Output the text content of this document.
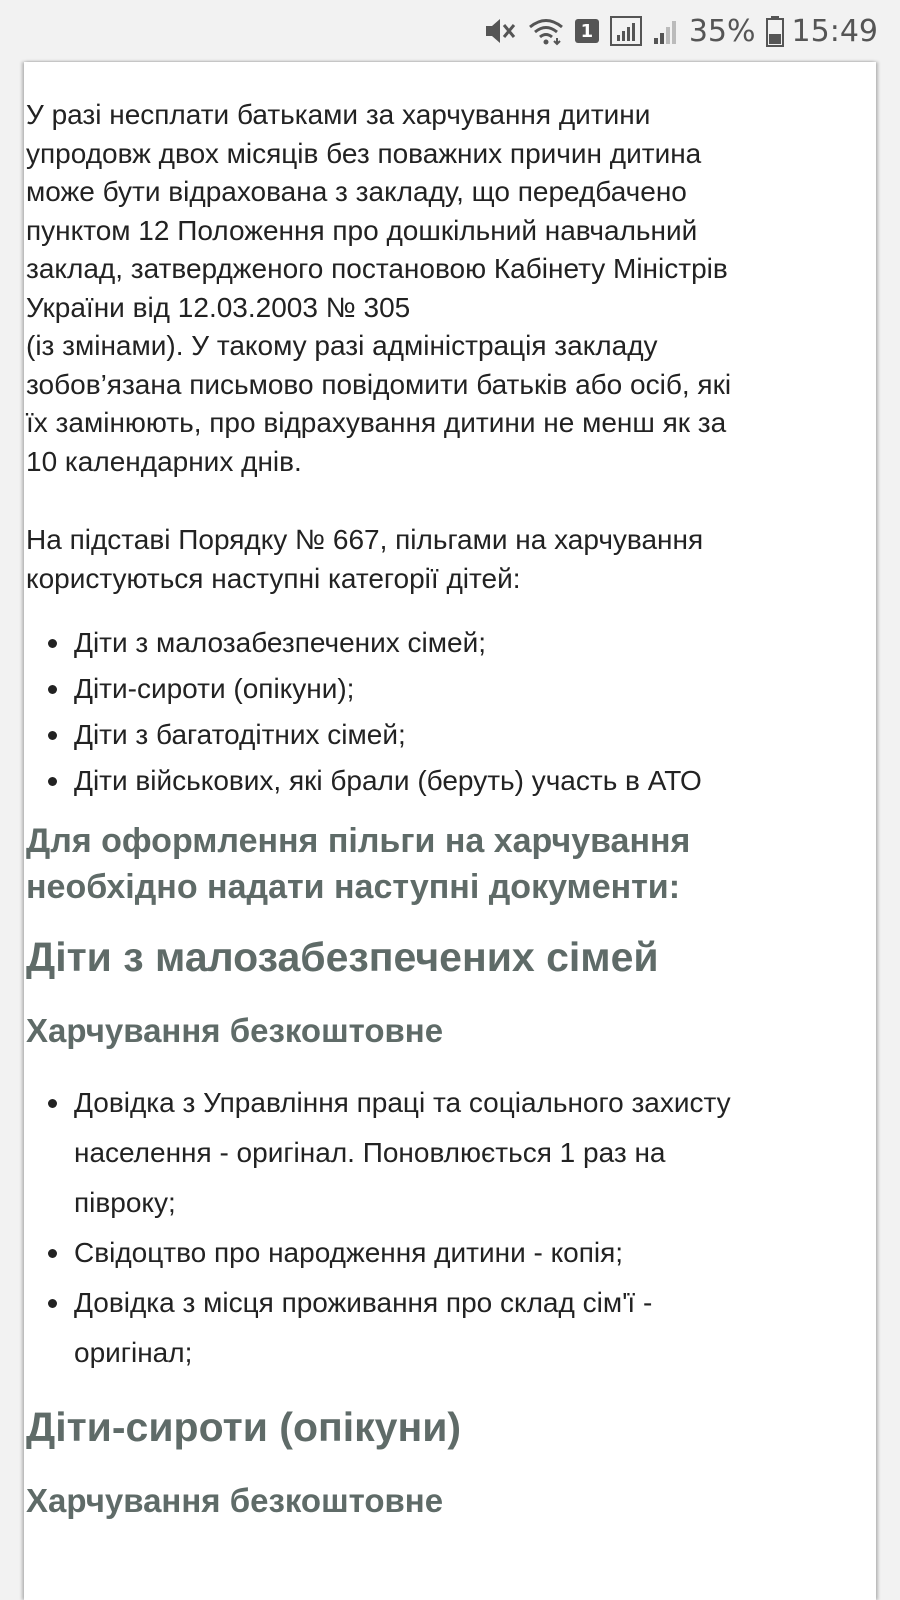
1	35% 15:49
У разі несплати батьками за харчування дитини
упродовж двох місяців без поважних причин дитина
може бути відрахована з закладу, що передбачено
пунктом 12 Положення про дошкільний навчальний
заклад, затвердженого постановою Кабінету Міністрів
України від 12.03.2003 № 305
(із змінами). У такому разі адміністрація закладу
зобов’язана письмово повідомити батьків або осіб, які
їх замінюють, про відрахування дитини не менш як за
10 календарних днів.
На підставі Порядку № 667, пільгами на харчування
користуються наступні категорії дітей:
Діти з малозабезпечених сімей;
Діти-сироти (опікуни);
Діти з багатодітних сімей;
Діти військових, які брали (беруть) участь в АТО
Для оформлення пільги на харчування
необхідно надати наступні документи:
Діти з малозабезпечених сімей
Харчування безкоштовне
Довідка з Управління праці та соціального захисту
населення - оригінал. Поновлюється 1 раз на
півроку;
Свідоцтво про народження дитини - копія;
Довідка з місця проживання про склад сім'ї -
оригінал;
Діти-сироти (опікуни)
Харчування безкоштовне
